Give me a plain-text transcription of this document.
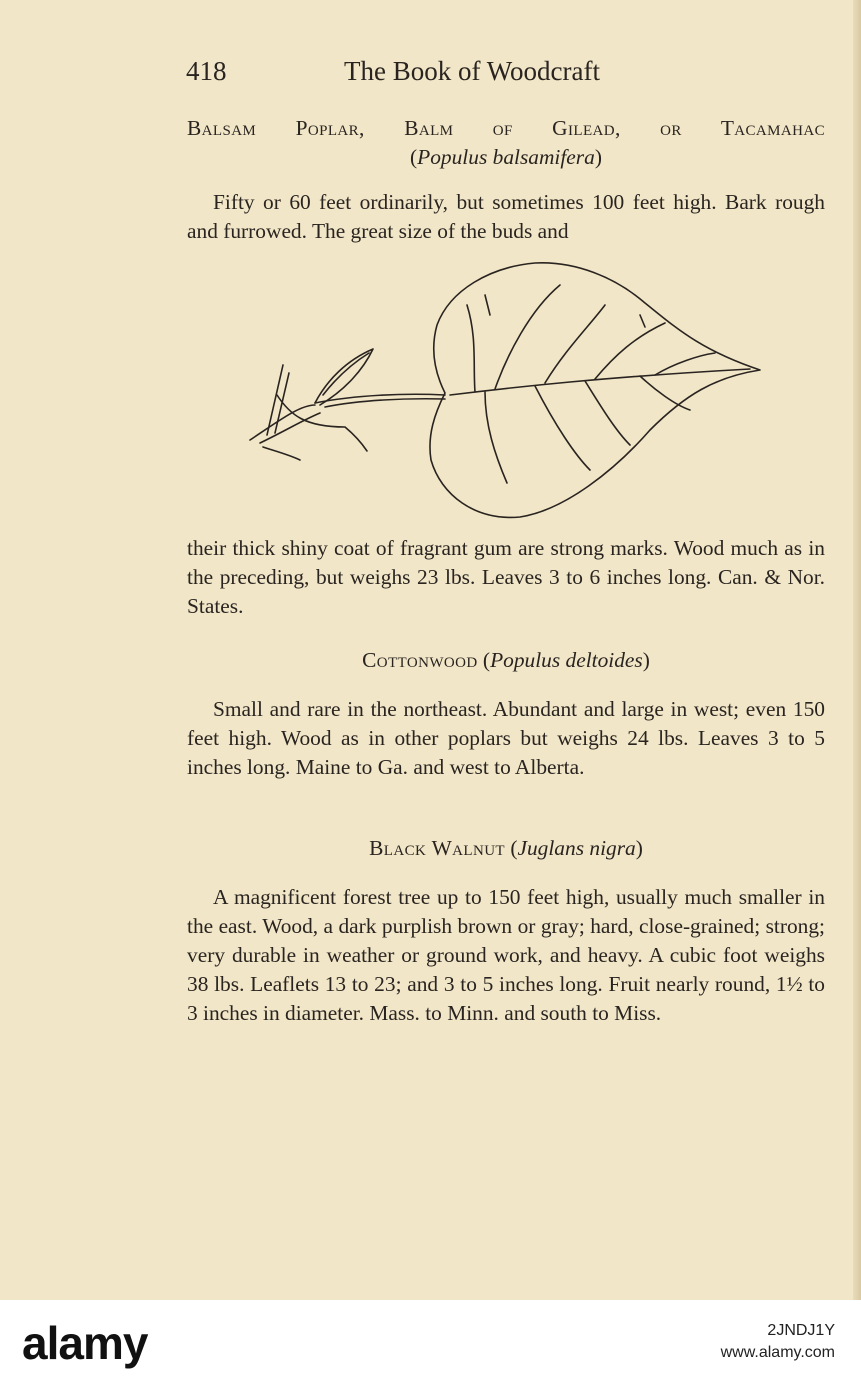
418	The Book of Woodcraft
Balsam Poplar, Balm of Gilead, or Tacamahac
(Populus balsamifera)

Fifty or 60 feet ordinarily, but sometimes 100 feet high. Bark rough and furrowed. The great size of the buds and

their thick shiny coat of fragrant gum are strong marks. Wood much as in the preceding, but weighs 23 lbs. Leaves 3 to 6 inches long. Can. & Nor. States.

Cottonwood (Populus deltoides)

Small and rare in the northeast. Abundant and large in west; even 150 feet high. Wood as in other poplars but weighs 24 lbs. Leaves 3 to 5 inches long. Maine to Ga. and west to Alberta.

Black Walnut (Juglans nigra)

A magnificent forest tree up to 150 feet high, usually much smaller in the east. Wood, a dark purplish brown or gray; hard, close-grained; strong; very durable in weather or ground work, and heavy. A cubic foot weighs 38 lbs. Leaflets 13 to 23; and 3 to 5 inches long. Fruit nearly round, 1½ to 3 inches in diameter. Mass. to Minn. and south to Miss.

alamy	2JNDJ1Y
www.alamy.com
